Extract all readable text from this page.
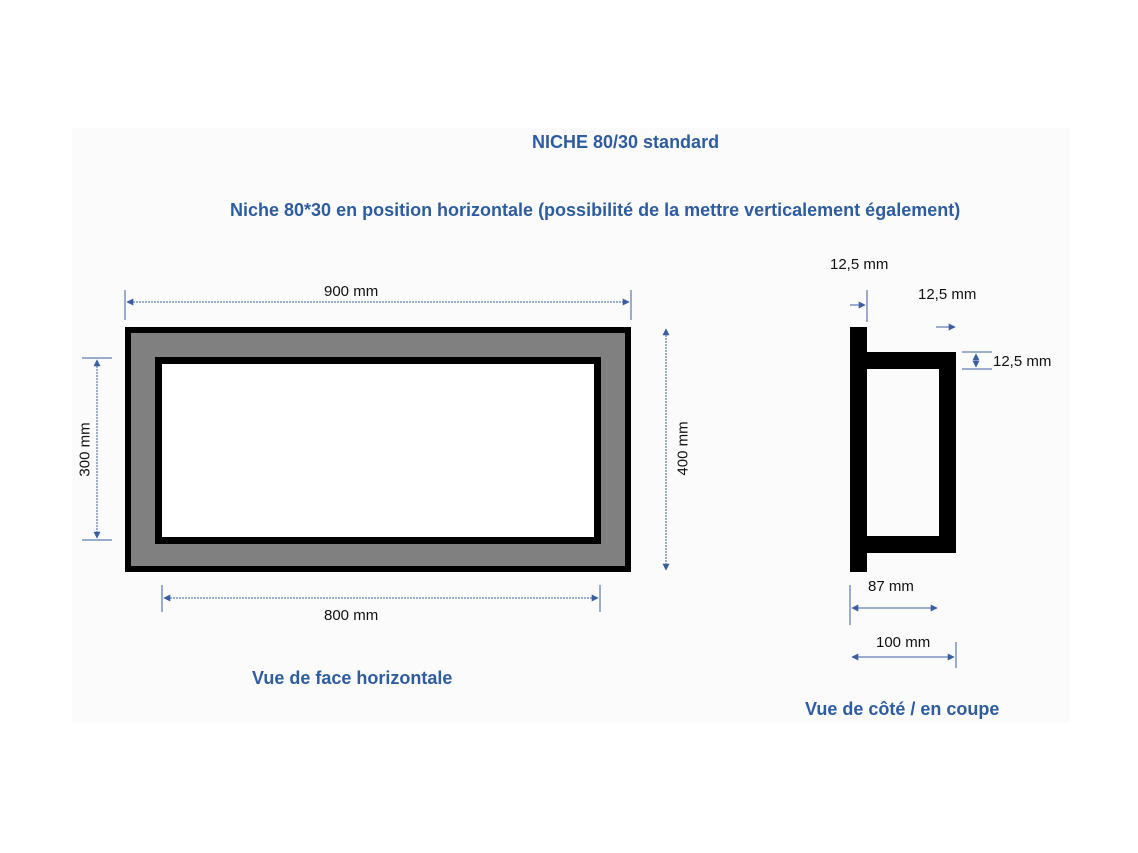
NICHE 80/30 standard
Niche 80*30 en position horizontale (possibilité de la mettre verticalement également)
900 mm
800 mm
300 mm	400 mm
Vue de face horizontale
12,5 mm
12,5 mm
12,5 mm
87 mm
100 mm
Vue de côté / en coupe
